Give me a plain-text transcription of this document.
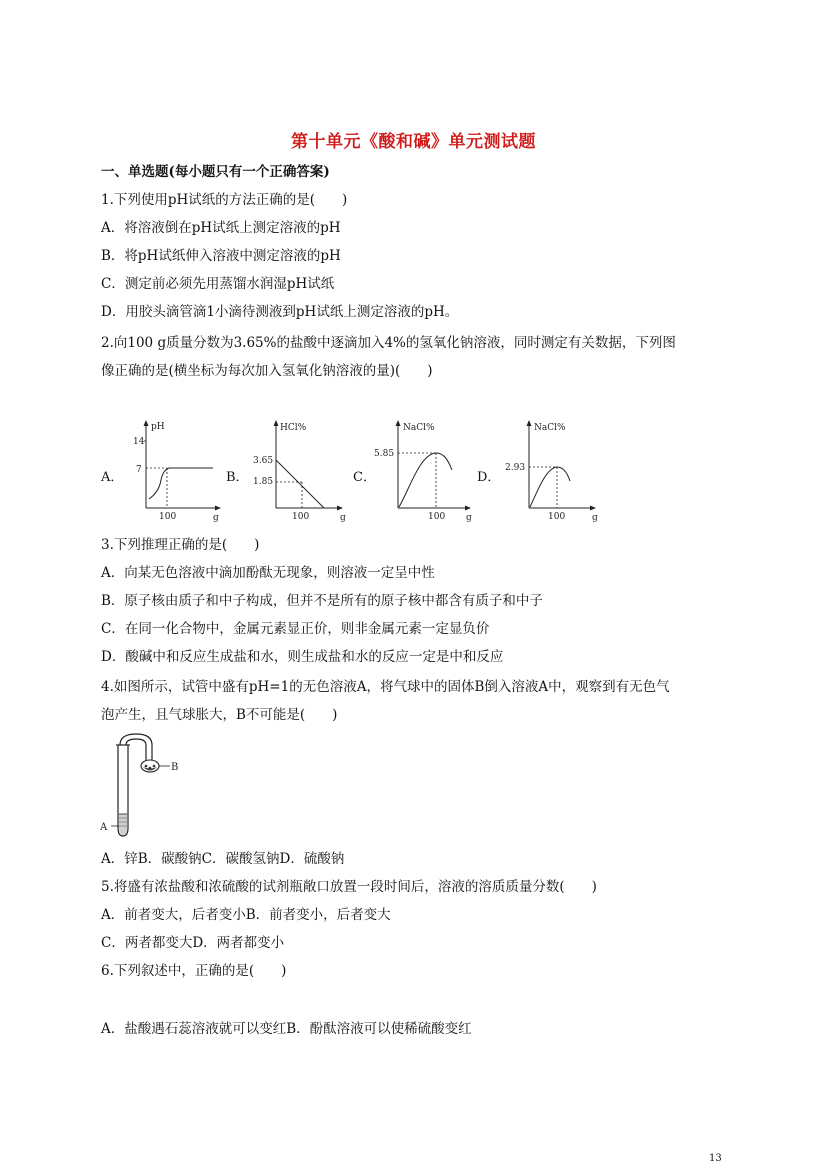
第十单元《酸和碱》单元测试题
一、单选题(每小题只有一个正确答案)
1.下列使用pH试纸的方法正确的是(　　)
A．将溶液倒在pH试纸上测定溶液的pH
B．将pH试纸伸入溶液中测定溶液的pH
C．测定前必须先用蒸馏水润湿pH试纸
D．用胶头滴管滴1小滴待测液到pH试纸上测定溶液的pH。
2.向100 g质量分数为3.65%的盐酸中逐滴加入4%的氢氧化钠溶液，同时测定有关数据，下列图
像正确的是(横坐标为每次加入氢氧化钠溶液的量)(　　)
A．	B．	C．	D．
pH
14
7
100	g
HCl%
3.65
1.85
100	g
NaCl%
5.85
100 g
NaCl%
2.93
100	g
3.下列推理正确的是(　　)
A．向某无色溶液中滴加酚酞无现象，则溶液一定呈中性
B．原子核由质子和中子构成，但并不是所有的原子核中都含有质子和中子
C．在同一化合物中，金属元素显正价，则非金属元素一定显负价
D．酸碱中和反应生成盐和水，则生成盐和水的反应一定是中和反应
4.如图所示，试管中盛有pH=1的无色溶液A，将气球中的固体B倒入溶液A中，观察到有无色气
泡产生，且气球胀大，B不可能是(　　)
B
A
A．锌B．碳酸钠C．碳酸氢钠D．硫酸钠
5.将盛有浓盐酸和浓硫酸的试剂瓶敞口放置一段时间后，溶液的溶质质量分数(　　)
A．前者变大，后者变小B．前者变小，后者变大
C．两者都变大D．两者都变小
6.下列叙述中，正确的是(　　)
A．盐酸遇石蕊溶液就可以变红B．酚酞溶液可以使稀硫酸变红
13
